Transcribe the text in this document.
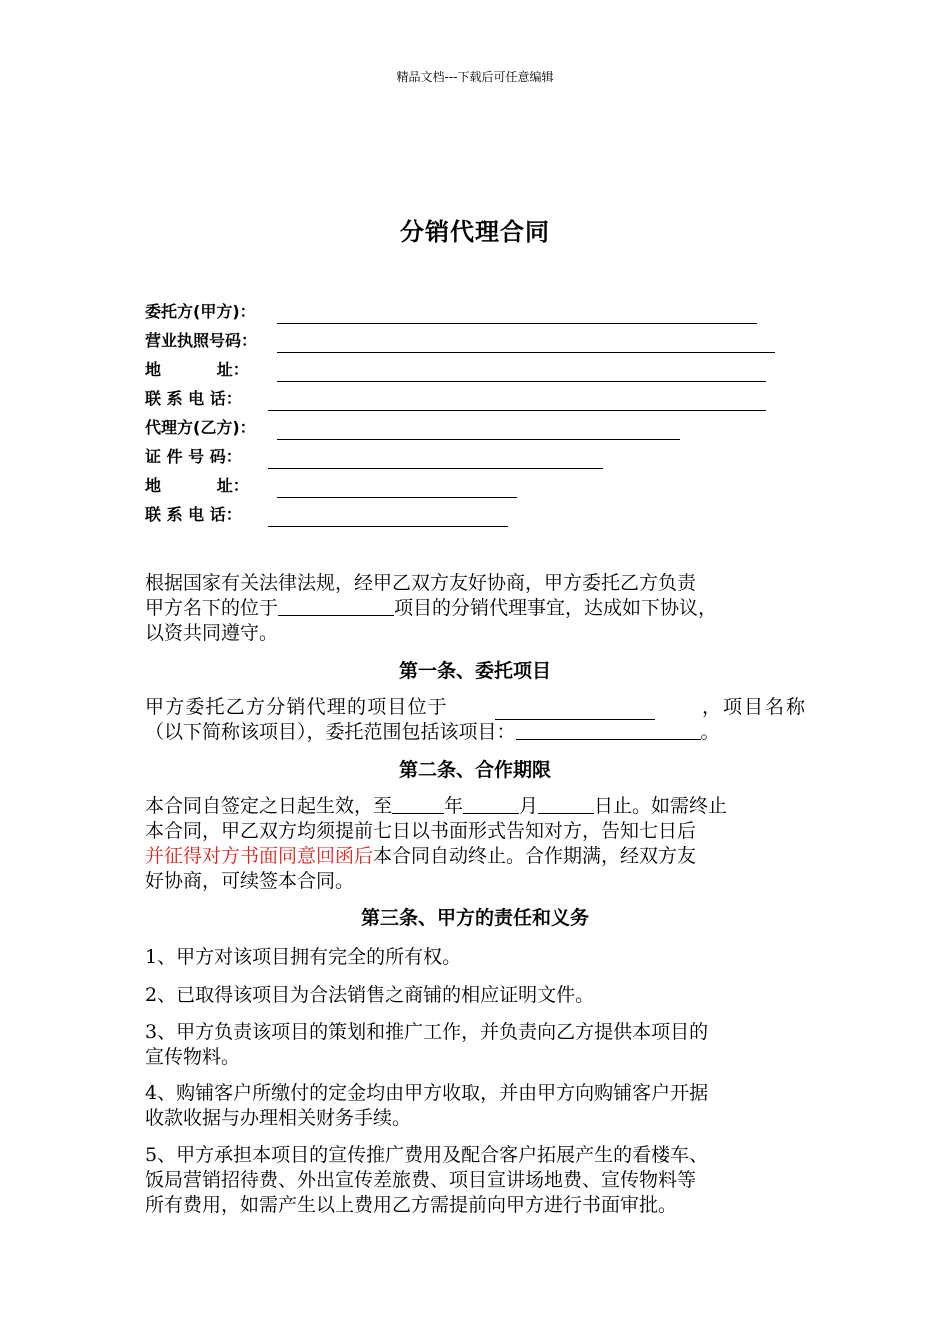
精品文档---下载后可任意编辑
分销代理合同
委托方(甲方)：
营业执照号码：
地          址：
联 系 电 话：
代理方(乙方)：
证 件 号 码：
地          址：
联 系 电 话：
根据国家有关法律法规，经甲乙双方友好协商，甲方委托乙方负责
甲方名下的位于	项目的分销代理事宜，达成如下协议，
以资共同遵守。
第一条、委托项目
甲方委托乙方分销代理的项目位于	，项目名称
（以下简称该项目），委托范围包括该项目：	。
第二条、合作期限
本合同自签定之日起生效，至	年	月	日止。如需终止
本合同，甲乙双方均须提前七日以书面形式告知对方，告知七日后
并征得对方书面同意回函后本合同自动终止。合作期满，经双方友
好协商，可续签本合同。
第三条、甲方的责任和义务
1、甲方对该项目拥有完全的所有权。
2、已取得该项目为合法销售之商铺的相应证明文件。
3、甲方负责该项目的策划和推广工作，并负责向乙方提供本项目的
宣传物料。
4、购铺客户所缴付的定金均由甲方收取，并由甲方向购铺客户开据
收款收据与办理相关财务手续。
5、甲方承担本项目的宣传推广费用及配合客户拓展产生的看楼车、
饭局营销招待费、外出宣传差旅费、项目宣讲场地费、宣传物料等
所有费用，如需产生以上费用乙方需提前向甲方进行书面审批。
